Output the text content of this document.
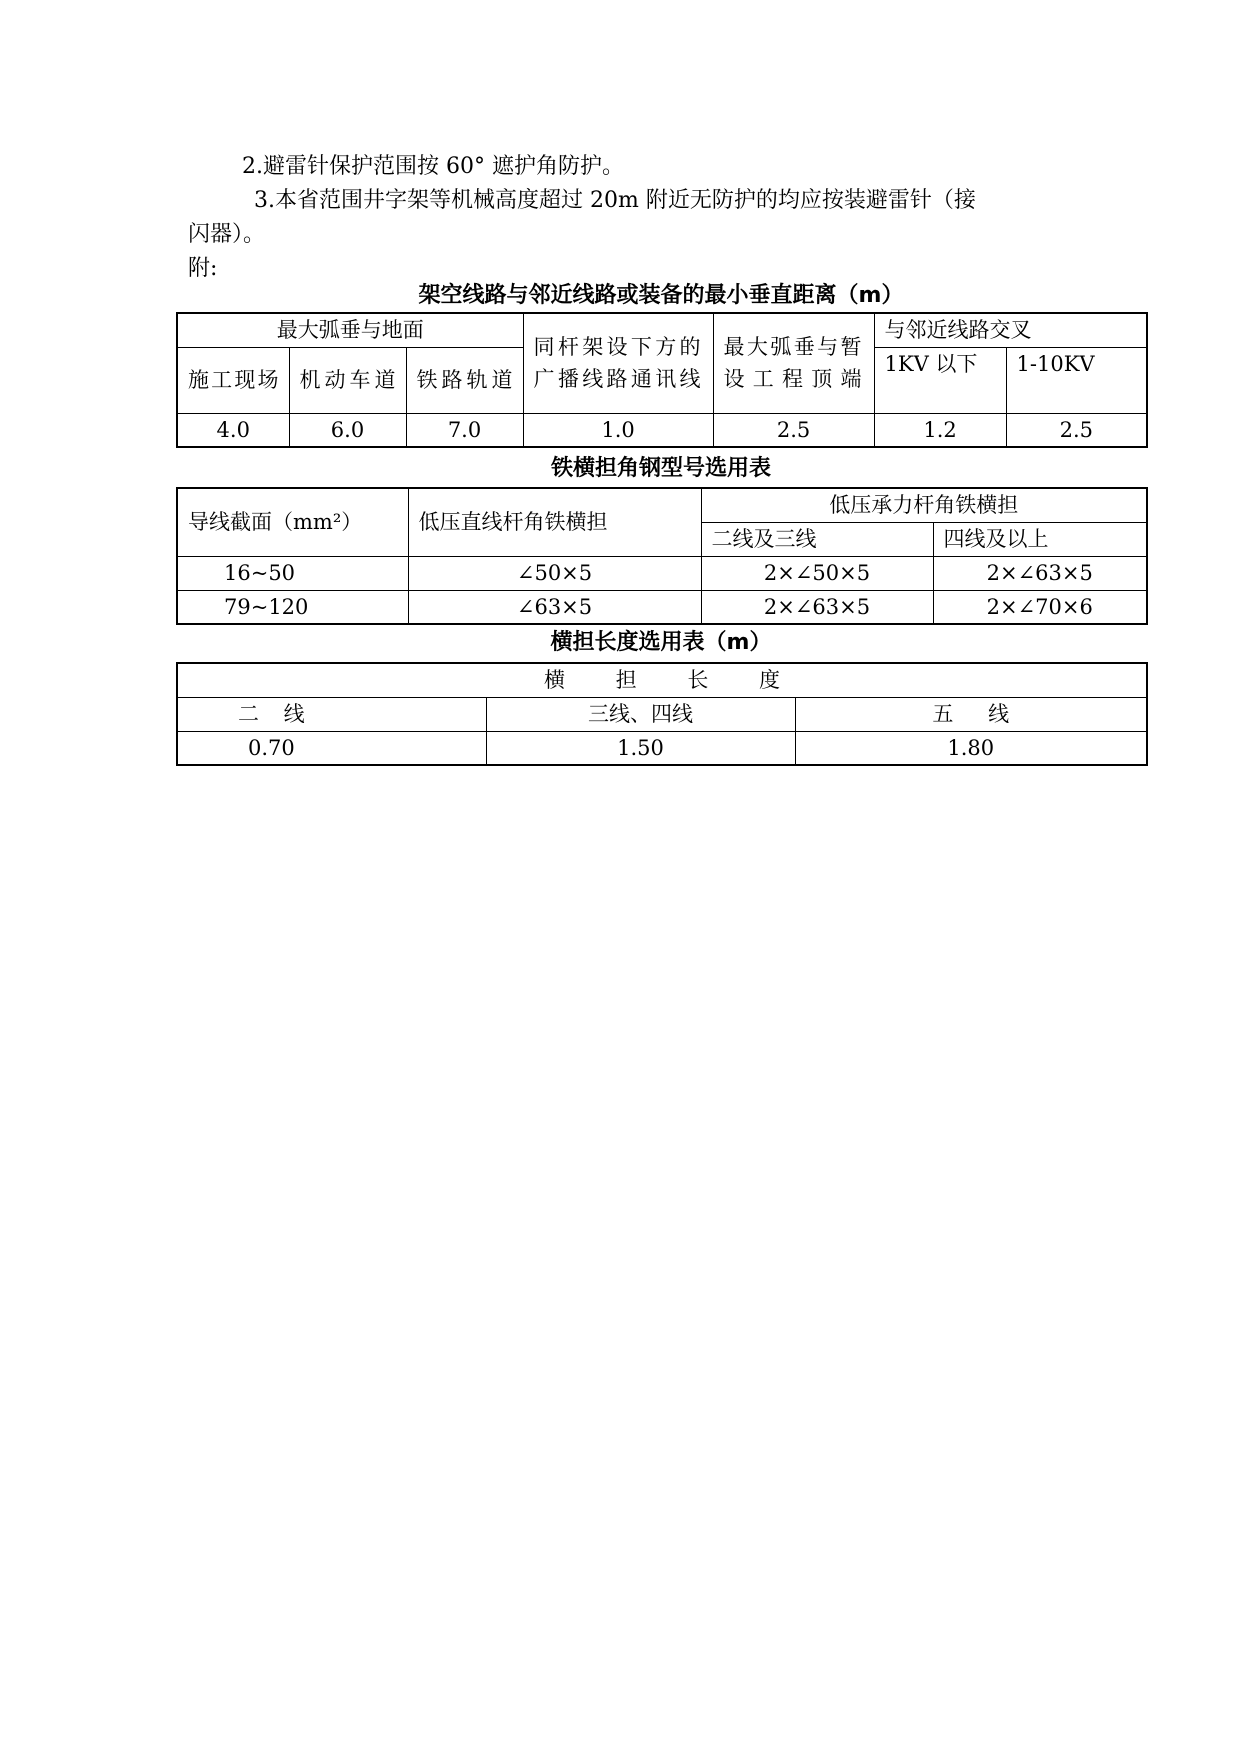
2.避雷针保护范围按 60° 遮护角防护。
3.本省范围井字架等机械高度超过 20m 附近无防护的均应按装避雷针（接
闪器）。
附:
架空线路与邻近线路或装备的最小垂直距离（m）
最大弧垂与地面			同杆架设下方的广播线路通讯线	最大弧垂与暂设工程顶端	与邻近线路交叉	
施工现场	机动车道	铁路轨道			1KV 以下	1-10KV
4.0	6.0	7.0	1.0	2.5	1.2	2.5
铁横担角钢型号选用表
导线截面（mm²）	低压直线杆角铁横担	低压承力杆角铁横担	
		二线及三线	四线及以上
16~50	∠50×5	2×∠50×5	2×∠63×5
79~120	∠63×5	2×∠63×5	2×∠70×6
横担长度选用表（m）
横 担 长 度		
二 线	三线、四线	五 线
0.70	1.50	1.80
